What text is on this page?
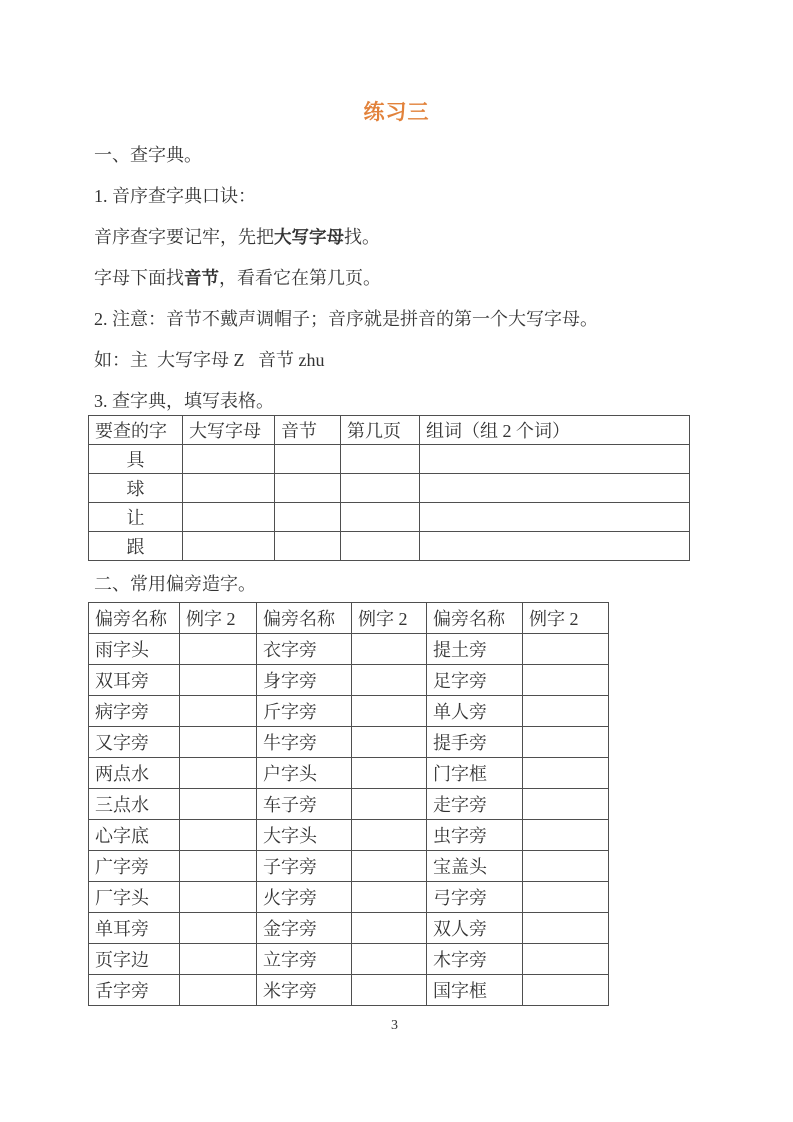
练习三

一、查字典。

1. 音序查字典口诀：

音序查字要记牢，先把大写字母找。

字母下面找音节，看看它在第几页。

2. 注意：音节不戴声调帽子；音序就是拼音的第一个大写字母。

如：主  大写字母 Z   音节 zhu

3. 查字典，填写表格。

要查的字	大写字母	音节	第几页	组词（组 2 个词）
具				
球				
让				
跟				

二、常用偏旁造字。

偏旁名称	例字 2	偏旁名称	例字 2	偏旁名称	例字 2
雨字头		衣字旁		提土旁	
双耳旁		身字旁		足字旁	
病字旁		斤字旁		单人旁	
又字旁		牛字旁		提手旁	
两点水		户字头		门字框	
三点水		车子旁		走字旁	
心字底		大字头		虫字旁	
广字旁		子字旁		宝盖头	
厂字头		火字旁		弓字旁	
单耳旁		金字旁		双人旁	
页字边		立字旁		木字旁	
舌字旁		米字旁		国字框	
3
